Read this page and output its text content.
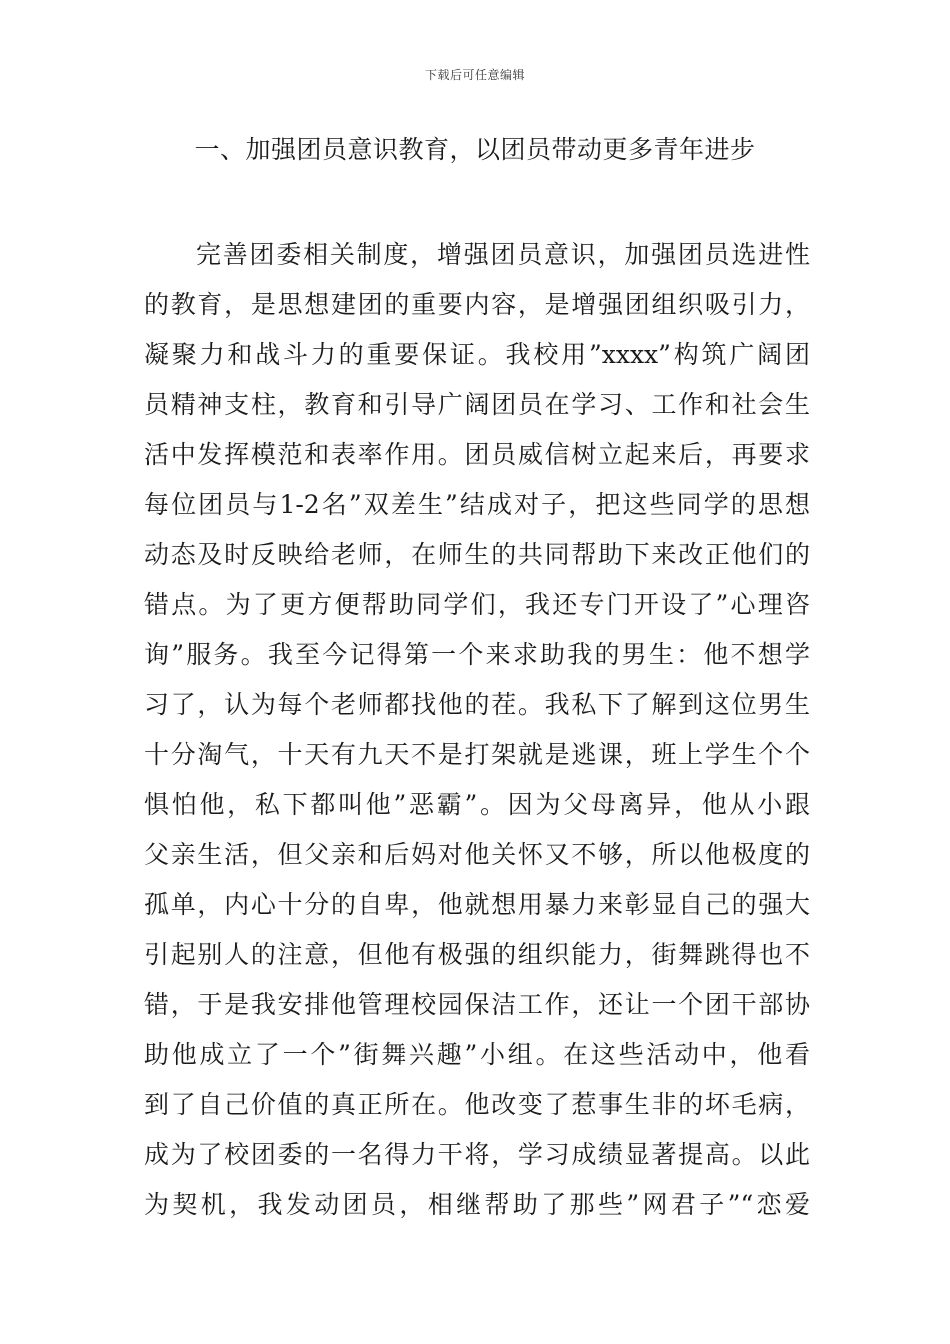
下载后可任意编辑
一、加强团员意识教育，以团员带动更多青年进步
完善团委相关制度，增强团员意识，加强团员选进性
的教育，是思想建团的重要内容，是增强团组织吸引力，
凝聚力和战斗力的重要保证。我校用”xxxx”构筑广阔团
员精神支柱，教育和引导广阔团员在学习、工作和社会生
活中发挥模范和表率作用。团员威信树立起来后，再要求
每位团员与1-2名”双差生”结成对子，把这些同学的思想
动态及时反映给老师，在师生的共同帮助下来改正他们的
错点。为了更方便帮助同学们，我还专门开设了”心理咨
询”服务。我至今记得第一个来求助我的男生：他不想学
习了，认为每个老师都找他的茬。我私下了解到这位男生
十分淘气，十天有九天不是打架就是逃课，班上学生个个
惧怕他，私下都叫他”恶霸”。因为父母离异，他从小跟
父亲生活，但父亲和后妈对他关怀又不够，所以他极度的
孤单，内心十分的自卑，他就想用暴力来彰显自己的强大
引起别人的注意，但他有极强的组织能力，街舞跳得也不
错，于是我安排他管理校园保洁工作，还让一个团干部协
助他成立了一个”街舞兴趣”小组。在这些活动中，他看
到了自己价值的真正所在。他改变了惹事生非的坏毛病，
成为了校团委的一名得力干将，学习成绩显著提高。以此
为契机，我发动团员，相继帮助了那些”网君子”“恋爱
